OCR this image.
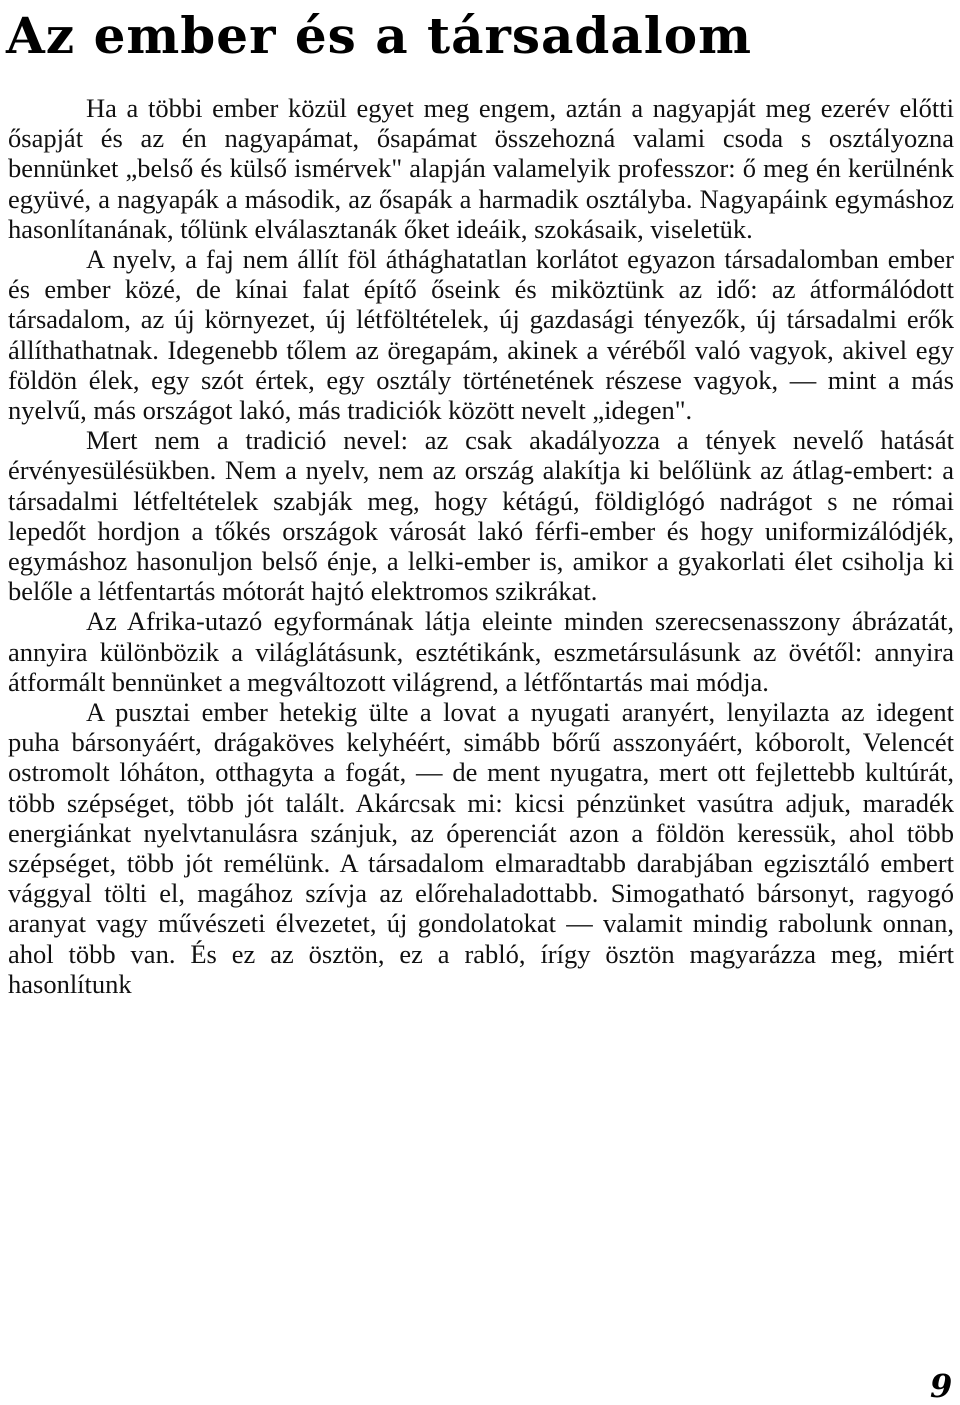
Az ember és a társadalom

Ha a többi ember közül egyet meg engem, aztán a nagyapját meg ezerév előtti ősapját és az én nagyapámat, ősapámat összehozná valami csoda s osztályozna bennünket „belső és külső ismérvek" alapján valamelyik professzor: ő meg én kerülnénk együvé, a nagyapák a második, az ősapák a harmadik osztályba. Nagyapáink egymáshoz hasonlítanának, tőlünk elválasztanák őket ideáik, szokásaik, viseletük.

A nyelv, a faj nem állít föl áthághatatlan korlátot egyazon társadalomban ember és ember közé, de kínai falat építő őseink és miköztünk az idő: az átformálódott társadalom, az új környezet, új létföltételek, új gazdasági tényezők, új társadalmi erők állíthathatnak. Idegenebb tőlem az öregapám, akinek a véréből való vagyok, akivel egy földön élek, egy szót értek, egy osztály történetének részese vagyok, — mint a más nyelvű, más országot lakó, más tradiciók között nevelt „idegen".

Mert nem a tradició nevel: az csak akadályozza a tények nevelő hatását érvényesülésükben. Nem a nyelv, nem az ország alakítja ki belőlünk az átlag-embert: a társadalmi létfeltételek szabják meg, hogy kétágú, földiglógó nadrágot s ne római lepedőt hordjon a tőkés országok városát lakó férfi-ember és hogy uniformizálódjék, egymáshoz hasonuljon belső énje, a lelki-ember is, amikor a gyakorlati élet csiholja ki belőle a létfentartás mótorát hajtó elektromos szikrákat.

Az Afrika-utazó egyformának látja eleinte minden szerecsenasszony ábrázatát, annyira különbözik a világlátásunk, esztétikánk, eszmetársulásunk az övétől: annyira átformált bennünket a megváltozott világrend, a létfőntartás mai módja.

A pusztai ember hetekig ülte a lovat a nyugati aranyért, lenyilazta az idegent puha bársonyáért, drágaköves kelyhéért, simább bőrű asszonyáért, kóborolt, Velencét ostromolt lóháton, otthagyta a fogát, — de ment nyugatra, mert ott fejlettebb kultúrát, több szépséget, több jót talált. Akárcsak mi: kicsi pénzünket vasútra adjuk, maradék energiánkat nyelvtanulásra szánjuk, az óperenciát azon a földön keressük, ahol több szépséget, több jót remélünk. A társadalom elmaradtabb darabjában egzisztáló embert vággyal tölti el, magához szívja az előrehaladottabb. Simogatható bársonyt, ragyogó aranyat vagy művészeti élvezetet, új gondolatokat — valamit mindig rabolunk onnan, ahol több van. És ez az ösztön, ez a rabló, írígy ösztön magyarázza meg, miért hasonlítunk

9
